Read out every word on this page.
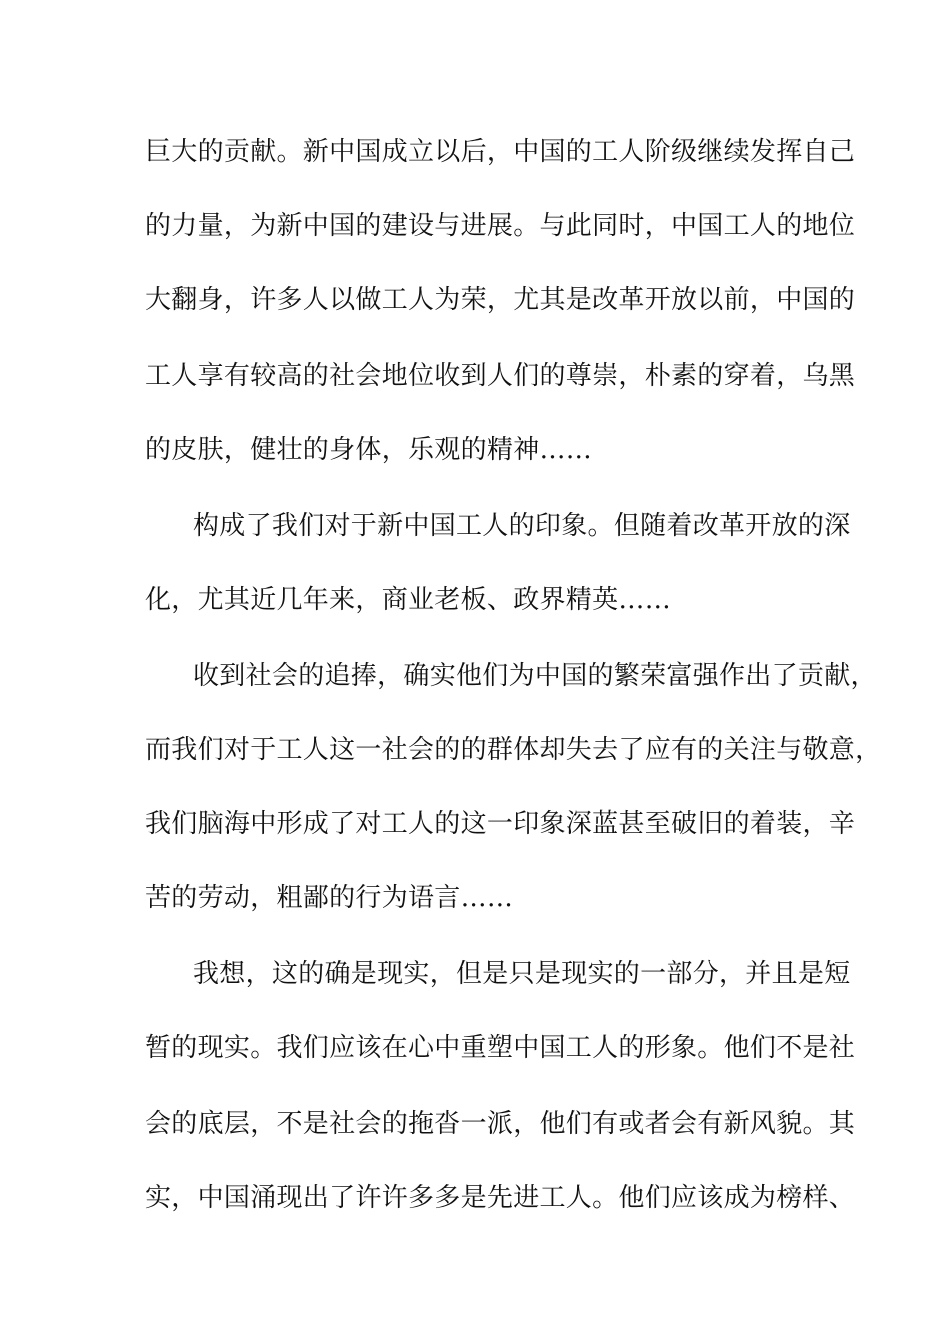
巨大的贡献。新中国成立以后，中国的工人阶级继续发挥自己
的力量，为新中国的建设与进展。与此同时，中国工人的地位
大翻身，许多人以做工人为荣，尤其是改革开放以前，中国的
工人享有较高的社会地位收到人们的尊崇，朴素的穿着，乌黑
的皮肤，健壮的身体，乐观的精神……
构成了我们对于新中国工人的印象。但随着改革开放的深
化，尤其近几年来，商业老板、政界精英……
收到社会的追捧，确实他们为中国的繁荣富强作出了贡献，
而我们对于工人这一社会的的群体却失去了应有的关注与敬意，
我们脑海中形成了对工人的这一印象深蓝甚至破旧的着装，辛
苦的劳动，粗鄙的行为语言……
我想，这的确是现实，但是只是现实的一部分，并且是短
暂的现实。我们应该在心中重塑中国工人的形象。他们不是社
会的底层，不是社会的拖沓一派，他们有或者会有新风貌。其
实，中国涌现出了许许多多是先进工人。他们应该成为榜样、
